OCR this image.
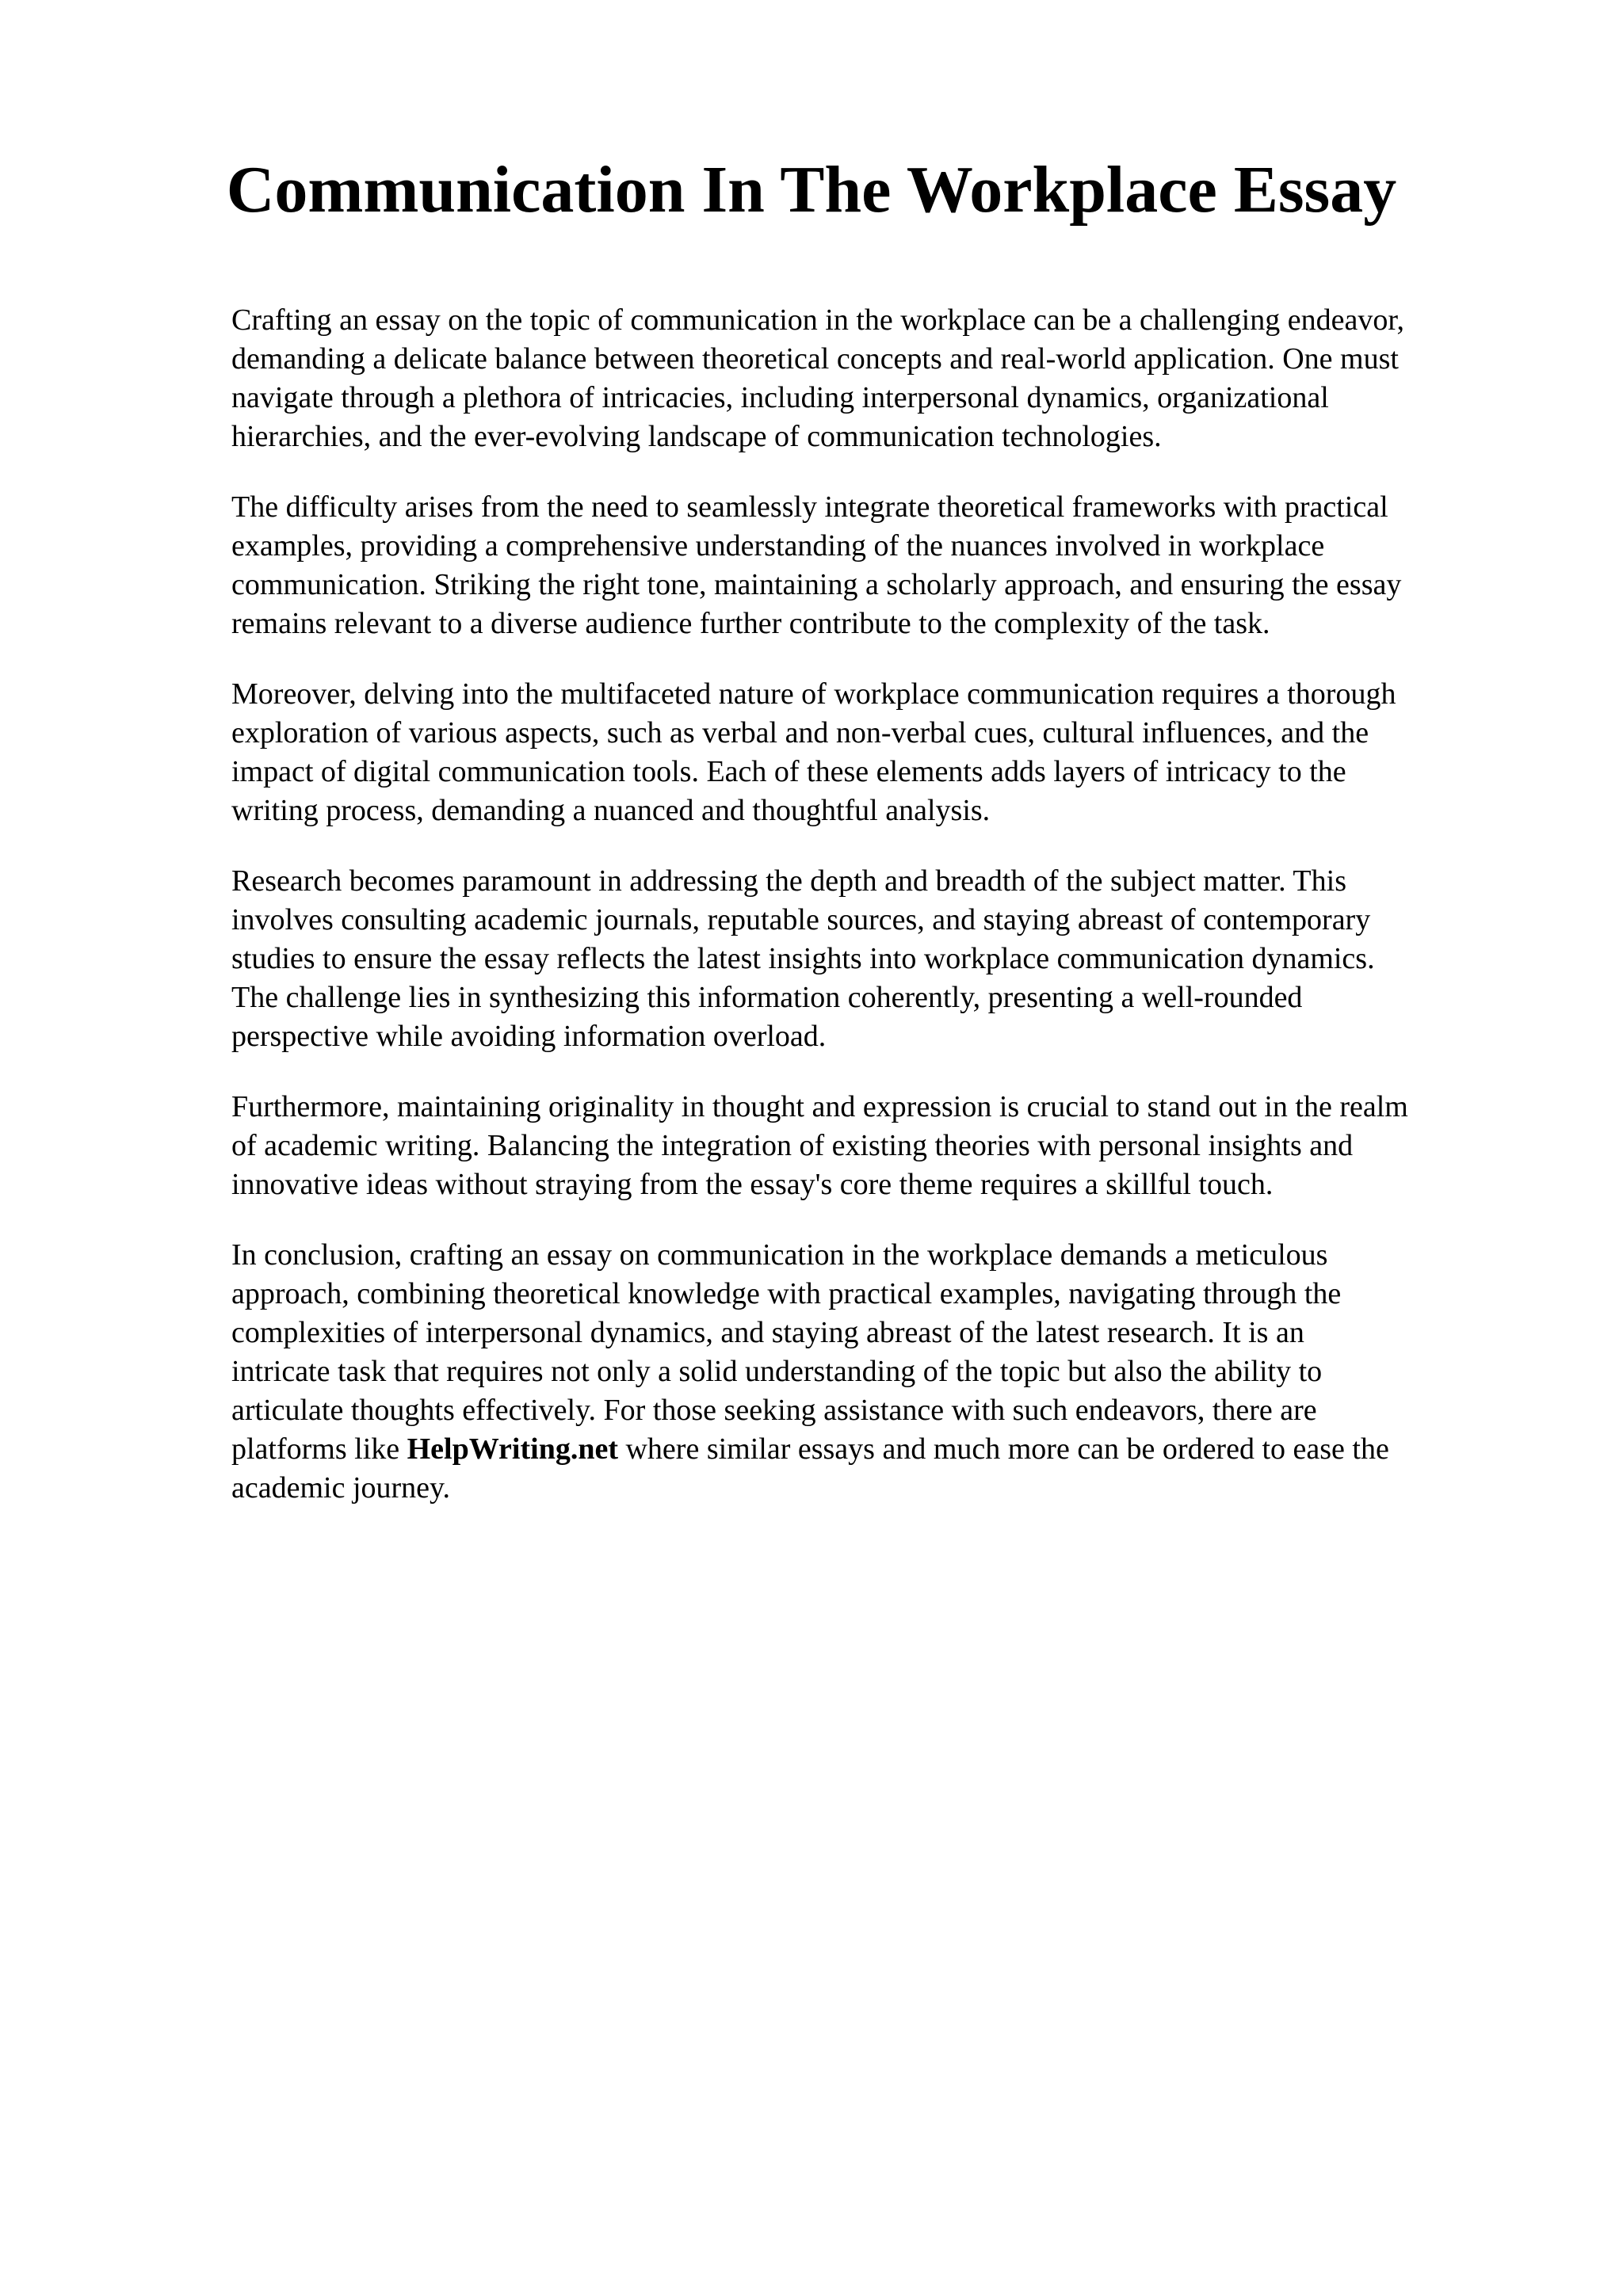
Communication In The Workplace Essay

Crafting an essay on the topic of communication in the workplace can be a challenging endeavor,
demanding a delicate balance between theoretical concepts and real-world application. One must
navigate through a plethora of intricacies, including interpersonal dynamics, organizational
hierarchies, and the ever-evolving landscape of communication technologies.

The difficulty arises from the need to seamlessly integrate theoretical frameworks with practical
examples, providing a comprehensive understanding of the nuances involved in workplace
communication. Striking the right tone, maintaining a scholarly approach, and ensuring the essay
remains relevant to a diverse audience further contribute to the complexity of the task.

Moreover, delving into the multifaceted nature of workplace communication requires a thorough
exploration of various aspects, such as verbal and non-verbal cues, cultural influences, and the
impact of digital communication tools. Each of these elements adds layers of intricacy to the
writing process, demanding a nuanced and thoughtful analysis.

Research becomes paramount in addressing the depth and breadth of the subject matter. This
involves consulting academic journals, reputable sources, and staying abreast of contemporary
studies to ensure the essay reflects the latest insights into workplace communication dynamics.
The challenge lies in synthesizing this information coherently, presenting a well-rounded
perspective while avoiding information overload.

Furthermore, maintaining originality in thought and expression is crucial to stand out in the realm
of academic writing. Balancing the integration of existing theories with personal insights and
innovative ideas without straying from the essay's core theme requires a skillful touch.

In conclusion, crafting an essay on communication in the workplace demands a meticulous
approach, combining theoretical knowledge with practical examples, navigating through the
complexities of interpersonal dynamics, and staying abreast of the latest research. It is an
intricate task that requires not only a solid understanding of the topic but also the ability to
articulate thoughts effectively. For those seeking assistance with such endeavors, there are
platforms like HelpWriting.net where similar essays and much more can be ordered to ease the
academic journey.
